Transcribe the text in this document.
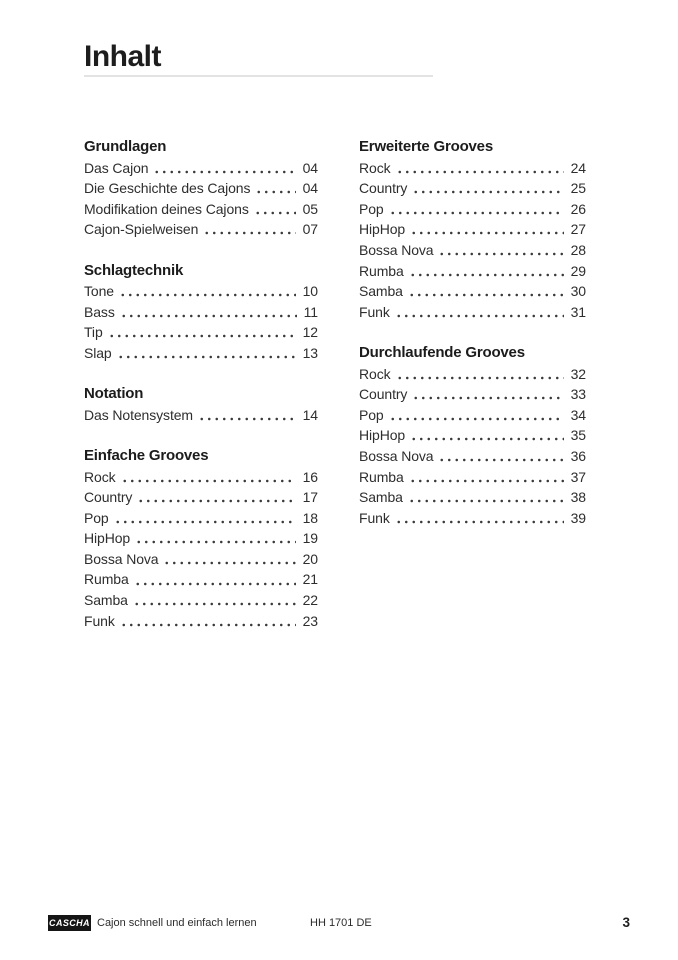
Inhalt
Grundlagen
Das Cajon	04
Die Geschichte des Cajons	04
Modifikation deines Cajons	05
Cajon-Spielweisen	07
Schlagtechnik
Tone	10
Bass	11
Tip	12
Slap	13
Notation
Das Notensystem	14
Einfache Grooves
Rock	16
Country	17
Pop	18
HipHop	19
Bossa Nova	20
Rumba	21
Samba	22
Funk	23
Erweiterte Grooves
Rock	24
Country	25
Pop	26
HipHop	27
Bossa Nova	28
Rumba	29
Samba	30
Funk	31
Durchlaufende Grooves
Rock	32
Country	33
Pop	34
HipHop	35
Bossa Nova	36
Rumba	37
Samba	38
Funk	39
CASCHA Cajon schnell und einfach lernen	HH 1701 DE	3
